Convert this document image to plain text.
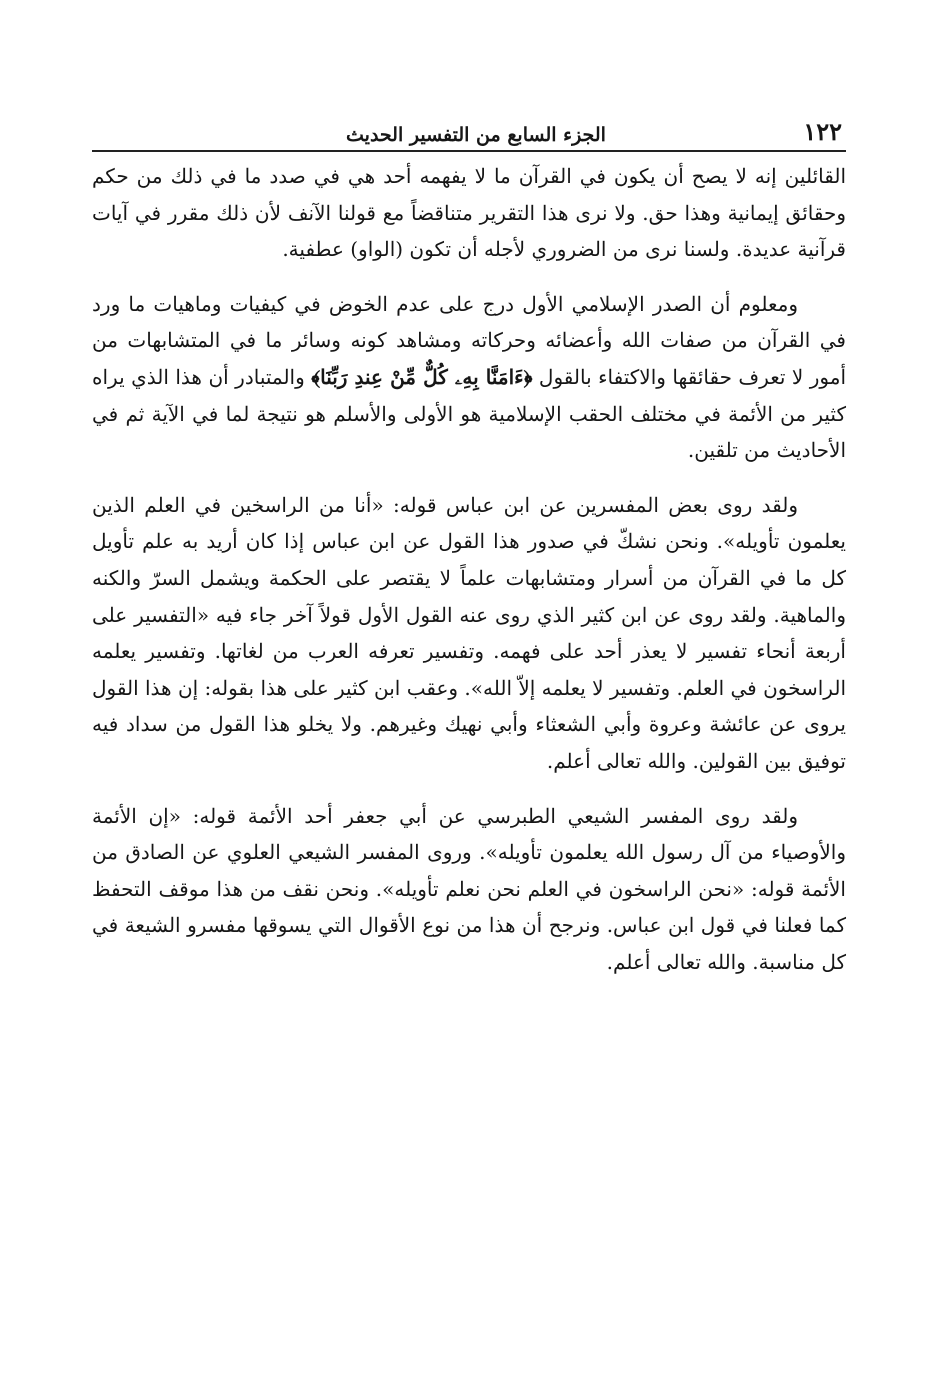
١٢٢
الجزء السابع من التفسير الحديث

القائلين إنه لا يصح أن يكون في القرآن ما لا يفهمه أحد هي في صدد ما في ذلك من حكم وحقائق إيمانية وهذا حق. ولا نرى هذا التقرير متناقضاً مع قولنا الآنف لأن ذلك مقرر في آيات قرآنية عديدة. ولسنا نرى من الضروري لأجله أن تكون (الواو) عطفية.

ومعلوم أن الصدر الإسلامي الأول درج على عدم الخوض في كيفيات وماهيات ما ورد في القرآن من صفات الله وأعضائه وحركاته ومشاهد كونه وسائر ما في المتشابهات من أمور لا تعرف حقائقها والاكتفاء بالقول ﴿ءَامَنَّا بِهِۦ كُلٌّ مِّنْ عِندِ رَبِّنَا﴾ والمتبادر أن هذا الذي يراه كثير من الأئمة في مختلف الحقب الإسلامية هو الأولى والأسلم هو نتيجة لما في الآية ثم في الأحاديث من تلقين.

ولقد روى بعض المفسرين عن ابن عباس قوله: «أنا من الراسخين في العلم الذين يعلمون تأويله». ونحن نشكّ في صدور هذا القول عن ابن عباس إذا كان أريد به علم تأويل كل ما في القرآن من أسرار ومتشابهات علماً لا يقتصر على الحكمة ويشمل السرّ والكنه والماهية. ولقد روى عن ابن كثير الذي روى عنه القول الأول قولاً آخر جاء فيه «التفسير على أربعة أنحاء تفسير لا يعذر أحد على فهمه. وتفسير تعرفه العرب من لغاتها. وتفسير يعلمه الراسخون في العلم. وتفسير لا يعلمه إلاّ الله». وعقب ابن كثير على هذا بقوله: إن هذا القول يروى عن عائشة وعروة وأبي الشعثاء وأبي نهيك وغيرهم. ولا يخلو هذا القول من سداد فيه توفيق بين القولين. والله تعالى أعلم.

ولقد روى المفسر الشيعي الطبرسي عن أبي جعفر أحد الأئمة قوله: «إن الأئمة والأوصياء من آل رسول الله يعلمون تأويله». وروى المفسر الشيعي العلوي عن الصادق من الأئمة قوله: «نحن الراسخون في العلم نحن نعلم تأويله». ونحن نقف من هذا موقف التحفظ كما فعلنا في قول ابن عباس. ونرجح أن هذا من نوع الأقوال التي يسوقها مفسرو الشيعة في كل مناسبة. والله تعالى أعلم.
